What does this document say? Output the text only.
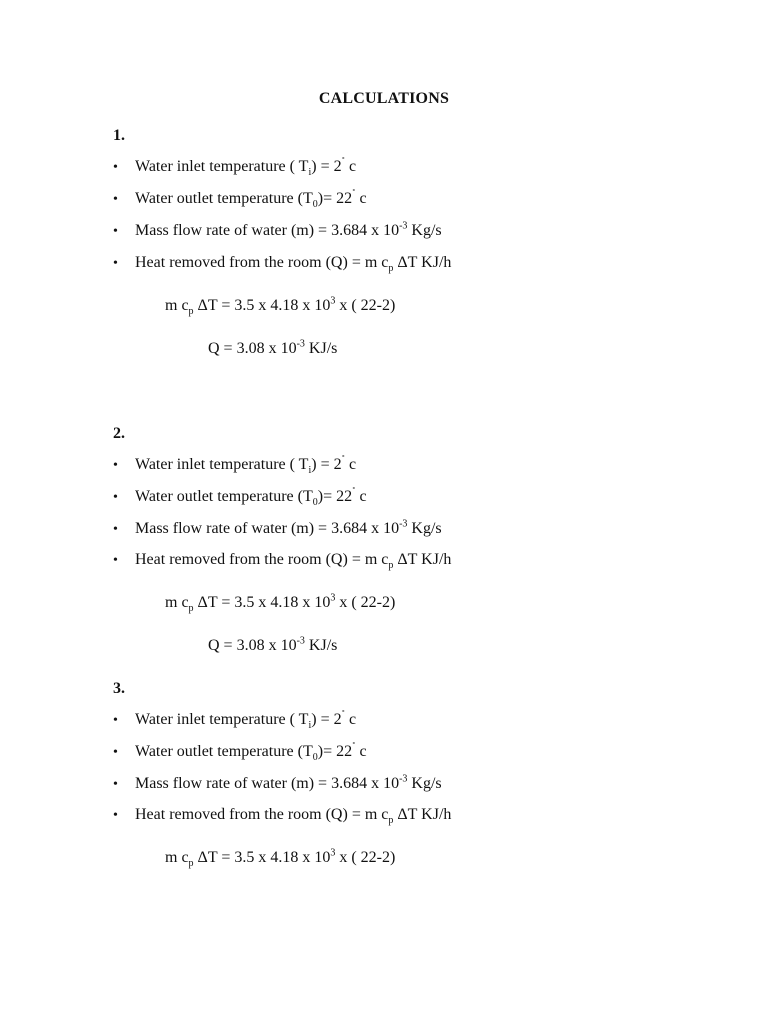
CALCULATIONS
1.
•	Water inlet temperature ( $T_i) = 2^˚$ c
•	Water outlet temperature $(T_0)= 22^˚$ c
•	Mass flow rate of water (m) = 3.684 x $10^{-3}$ Kg/s
•	Heat removed from the room (Q) = m $c_p$ ΔT KJ/h
m $c_p$ ΔT = 3.5 x 4.18 x $10^3$ x ( 22-2)
Q = 3.08 x $10^{-3}$ KJ/s
2.
•	Water inlet temperature ( $T_i) = 2^˚$ c
•	Water outlet temperature $(T_0)= 22^˚$ c
•	Mass flow rate of water (m) = 3.684 x $10^{-3}$ Kg/s
•	Heat removed from the room (Q) = m $c_p$ ΔT KJ/h
m $c_p$ ΔT = 3.5 x 4.18 x $10^3$ x ( 22-2)
Q = 3.08 x $10^{-3}$ KJ/s
3.
•	Water inlet temperature ( $T_i) = 2^˚$ c
•	Water outlet temperature $(T_0)= 22^˚$ c
•	Mass flow rate of water (m) = 3.684 x $10^{-3}$ Kg/s
•	Heat removed from the room (Q) = m $c_p$ ΔT KJ/h
m $c_p$ ΔT = 3.5 x 4.18 x $10^3$ x ( 22-2)
